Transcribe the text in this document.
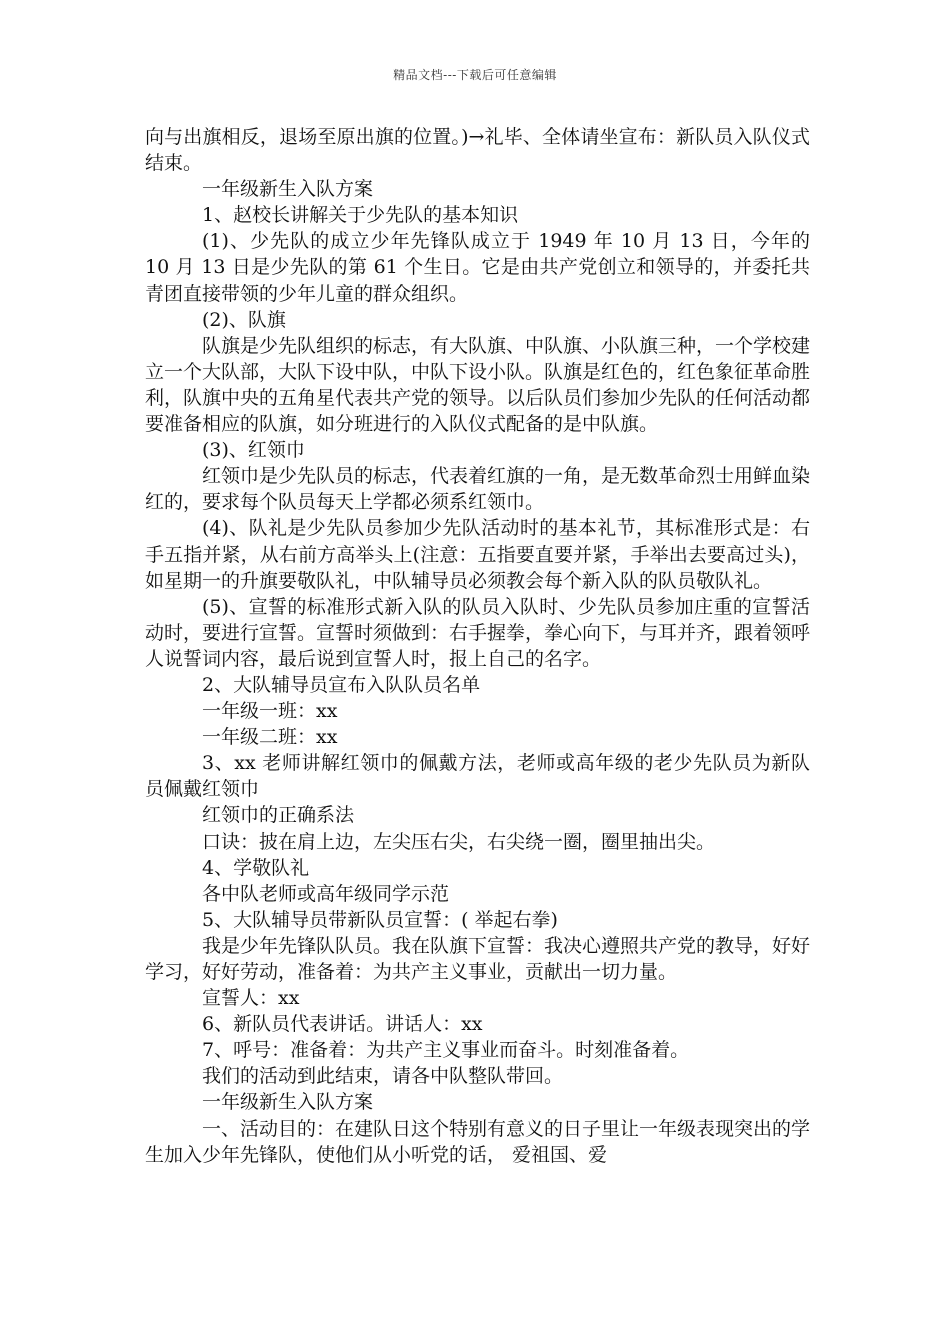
精品文档---下载后可任意编辑

向与出旗相反，退场至原出旗的位置。)→礼毕、全体请坐宣布：新队员入队仪式结束。

一年级新生入队方案

1、赵校长讲解关于少先队的基本知识

(1)、少先队的成立少年先锋队成立于 1949 年 10 月 13 日，今年的 10 月 13 日是少先队的第 61 个生日。它是由共产党创立和领导的，并委托共青团直接带领的少年儿童的群众组织。

(2)、队旗

队旗是少先队组织的标志，有大队旗、中队旗、小队旗三种，一个学校建立一个大队部，大队下设中队，中队下设小队。队旗是红色的，红色象征革命胜利，队旗中央的五角星代表共产党的领导。以后队员们参加少先队的任何活动都要准备相应的队旗，如分班进行的入队仪式配备的是中队旗。

(3)、红领巾

红领巾是少先队员的标志，代表着红旗的一角，是无数革命烈士用鲜血染红的，要求每个队员每天上学都必须系红领巾。

(4)、队礼是少先队员参加少先队活动时的基本礼节，其标准形式是：右手五指并紧，从右前方高举头上(注意：五指要直要并紧，手举出去要高过头)，如星期一的升旗要敬队礼，中队辅导员必须教会每个新入队的队员敬队礼。

(5)、宣誓的标准形式新入队的队员入队时、少先队员参加庄重的宣誓活动时，要进行宣誓。宣誓时须做到：右手握拳，拳心向下，与耳并齐，跟着领呼人说誓词内容，最后说到宣誓人时，报上自己的名字。

2、大队辅导员宣布入队队员名单

一年级一班：xx

一年级二班：xx

3、xx 老师讲解红领巾的佩戴方法，老师或高年级的老少先队员为新队员佩戴红领巾

红领巾的正确系法

口诀：披在肩上边，左尖压右尖，右尖绕一圈，圈里抽出尖。

4、学敬队礼

各中队老师或高年级同学示范

5、大队辅导员带新队员宣誓：( 举起右拳)

我是少年先锋队队员。我在队旗下宣誓：我决心遵照共产党的教导，好好学习，好好劳动，准备着：为共产主义事业，贡献出一切力量。

宣誓人：xx

6、新队员代表讲话。讲话人：xx

7、呼号：准备着：为共产主义事业而奋斗。时刻准备着。

我们的活动到此结束，请各中队整队带回。

一年级新生入队方案

一、活动目的：在建队日这个特别有意义的日子里让一年级表现突出的学生加入少年先锋队，使他们从小听党的话， 爱祖国、爱
